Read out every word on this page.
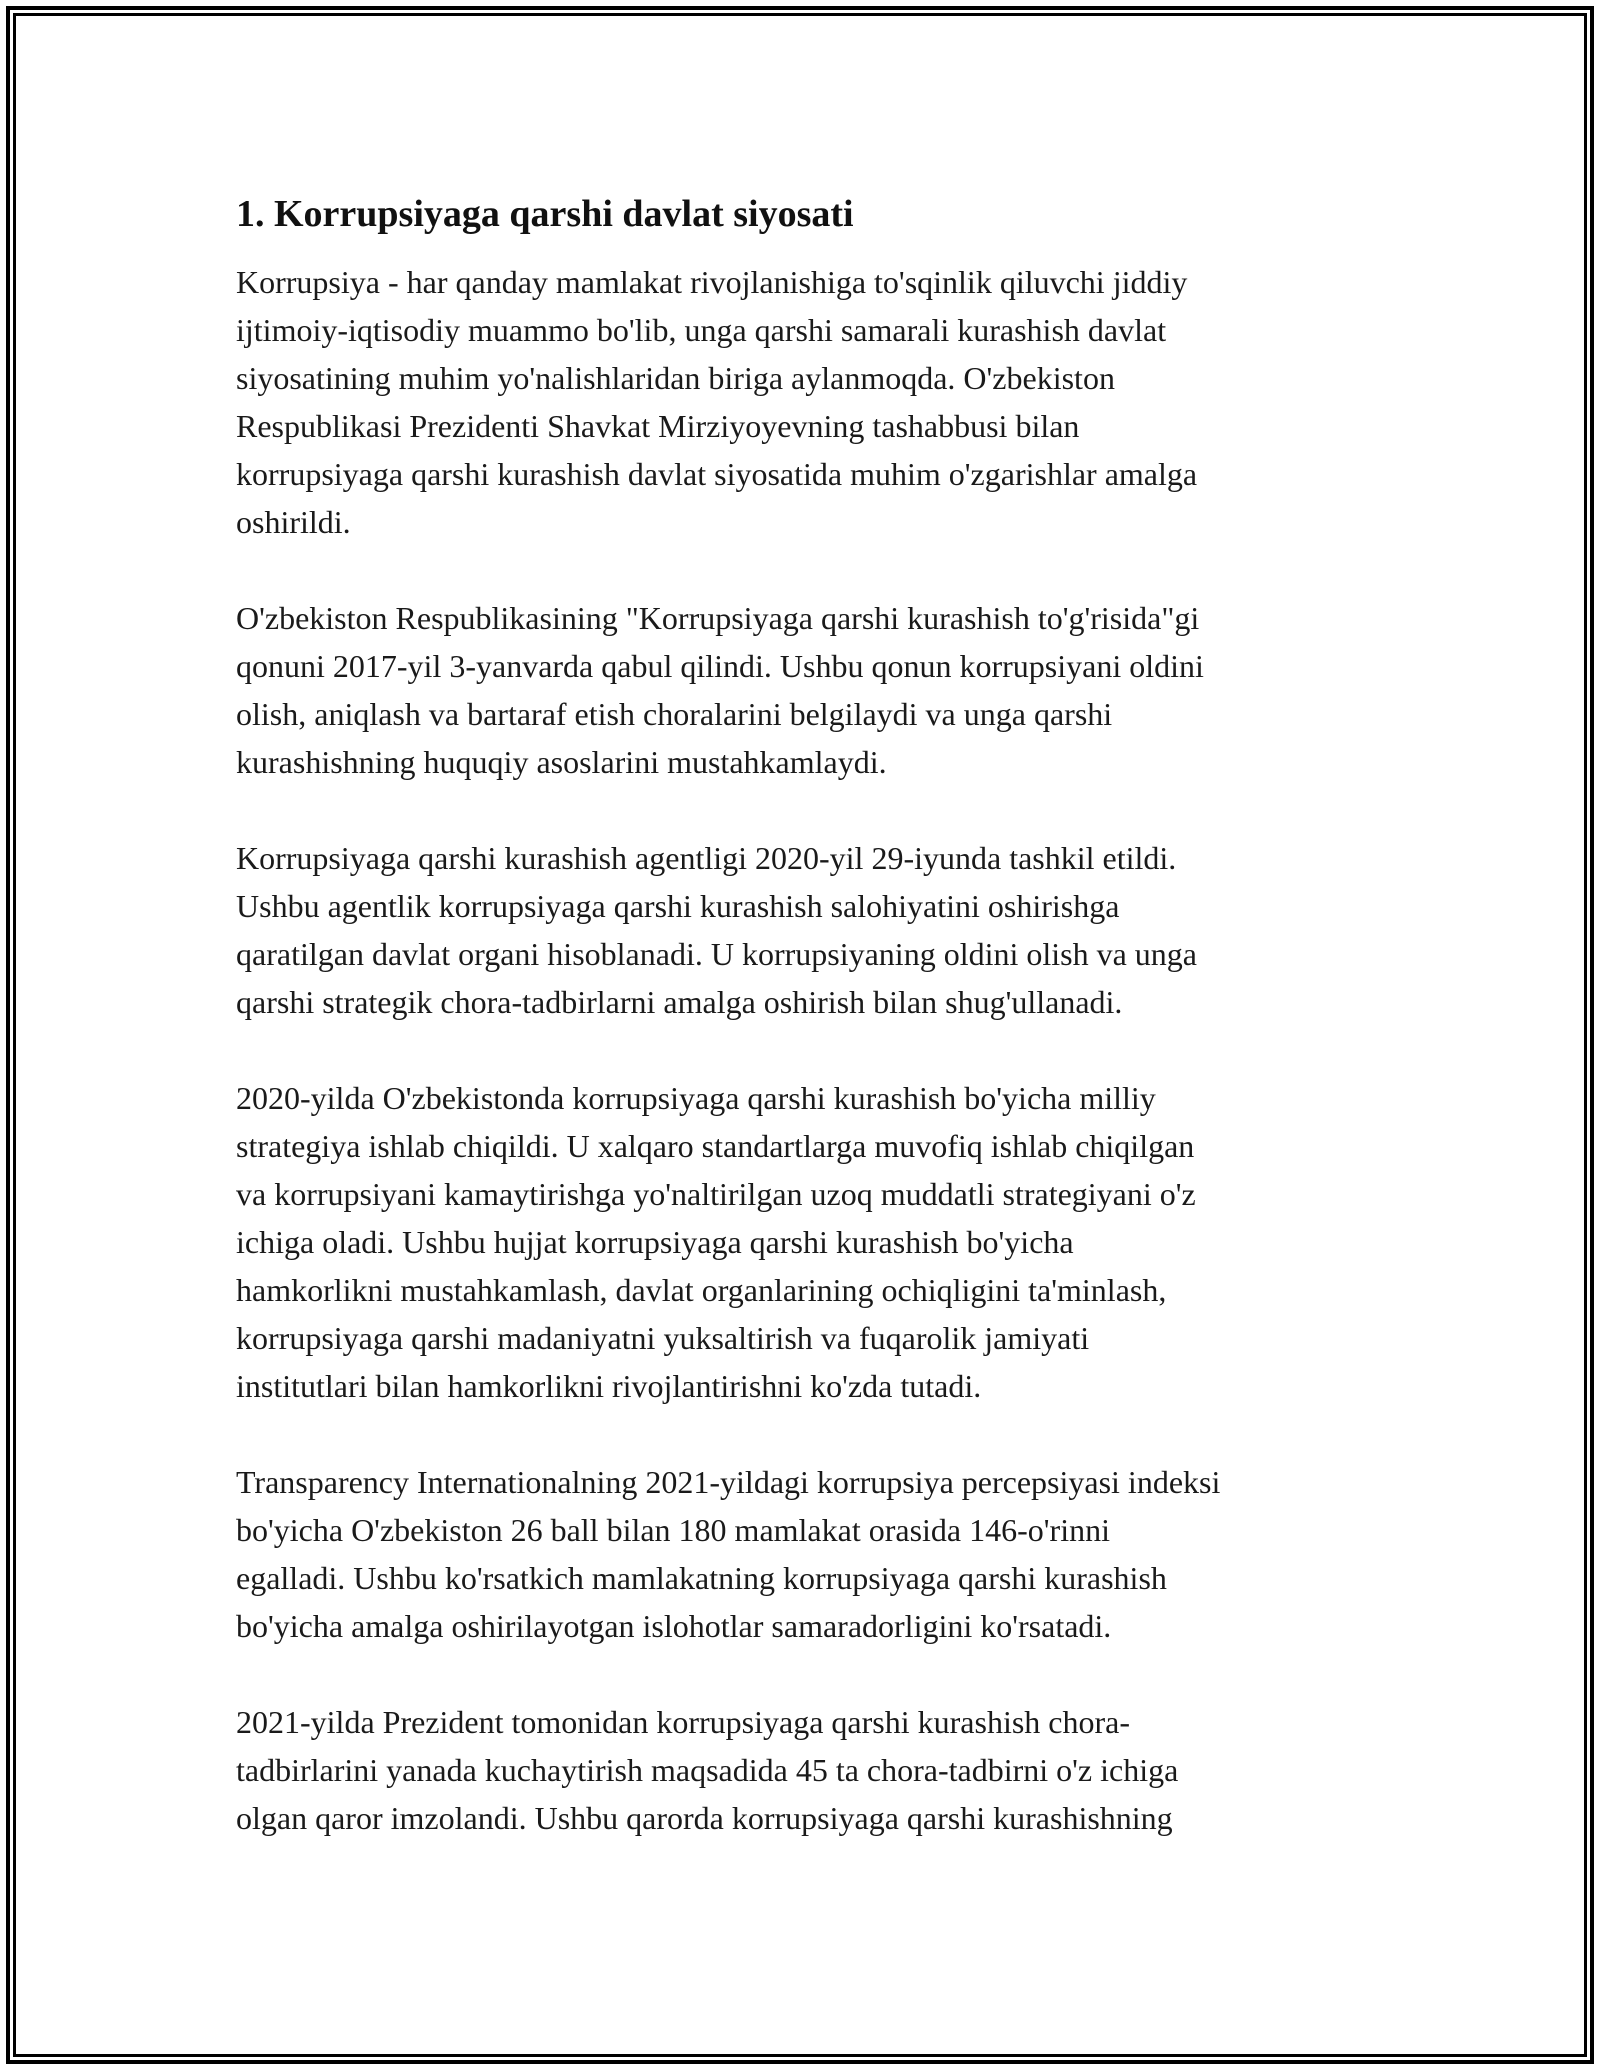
1. Korrupsiyaga qarshi davlat siyosati
Korrupsiya - har qanday mamlakat rivojlanishiga to'sqinlik qiluvchi jiddiy
ijtimoiy-iqtisodiy muammo bo'lib, unga qarshi samarali kurashish davlat
siyosatining muhim yo'nalishlaridan biriga aylanmoqda. O'zbekiston
Respublikasi Prezidenti Shavkat Mirziyoyevning tashabbusi bilan
korrupsiyaga qarshi kurashish davlat siyosatida muhim o'zgarishlar amalga
oshirildi.
O'zbekiston Respublikasining "Korrupsiyaga qarshi kurashish to'g'risida"gi
qonuni 2017-yil 3-yanvarda qabul qilindi. Ushbu qonun korrupsiyani oldini
olish, aniqlash va bartaraf etish choralarini belgilaydi va unga qarshi
kurashishning huquqiy asoslarini mustahkamlaydi.
Korrupsiyaga qarshi kurashish agentligi 2020-yil 29-iyunda tashkil etildi.
Ushbu agentlik korrupsiyaga qarshi kurashish salohiyatini oshirishga
qaratilgan davlat organi hisoblanadi. U korrupsiyaning oldini olish va unga
qarshi strategik chora-tadbirlarni amalga oshirish bilan shug'ullanadi.
2020-yilda O'zbekistonda korrupsiyaga qarshi kurashish bo'yicha milliy
strategiya ishlab chiqildi. U xalqaro standartlarga muvofiq ishlab chiqilgan
va korrupsiyani kamaytirishga yo'naltirilgan uzoq muddatli strategiyani o'z
ichiga oladi. Ushbu hujjat korrupsiyaga qarshi kurashish bo'yicha
hamkorlikni mustahkamlash, davlat organlarining ochiqligini ta'minlash,
korrupsiyaga qarshi madaniyatni yuksaltirish va fuqarolik jamiyati
institutlari bilan hamkorlikni rivojlantirishni ko'zda tutadi.
Transparency Internationalning 2021-yildagi korrupsiya percepsiyasi indeksi
bo'yicha O'zbekiston 26 ball bilan 180 mamlakat orasida 146-o'rinni
egalladi. Ushbu ko'rsatkich mamlakatning korrupsiyaga qarshi kurashish
bo'yicha amalga oshirilayotgan islohotlar samaradorligini ko'rsatadi.
2021-yilda Prezident tomonidan korrupsiyaga qarshi kurashish chora-
tadbirlarini yanada kuchaytirish maqsadida 45 ta chora-tadbirni o'z ichiga
olgan qaror imzolandi. Ushbu qarorda korrupsiyaga qarshi kurashishning
